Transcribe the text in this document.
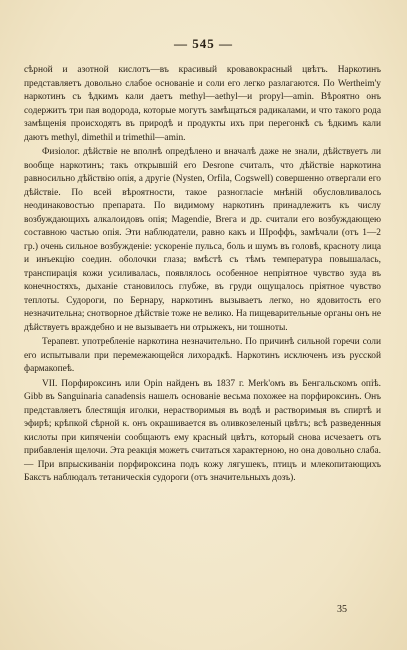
— 545 —

сѣрной и азотной кислотъ—въ красивый кровавокрасный цвѣтъ. Наркотинъ представляетъ довольно слабое основаніе и соли его легко разлагаются. По Wertheim'у наркотинъ съ ѣдкимъ кали даетъ methyl—aethyl—и propyl—amin. Вѣроятно онъ содержитъ три пая водорода, которые могутъ замѣщаться радикалами, и что такого рода замѣщенія происходятъ въ природѣ и продукты ихъ при перегонкѣ съ ѣдкимъ кали даютъ methyl, dimethil и trimethil—amin.

Физіолог. дѣйствіе не вполнѣ опредѣлено и вначалѣ даже не знали, дѣйствуетъ ли вообще наркотинъ; такъ открывшій его Desrone считалъ, что дѣйствіе наркотина равносильно дѣйствію опія, а другіе (Nysten, Orfila, Cogswell) совершенно отвергали его дѣйствіе. По всей вѣроятности, такое разногласіе мнѣній обусловливалось неодинаковостью препарата. По видимому наркотинъ принадлежитъ къ числу возбуждающихъ алкалоидовъ опія; Magendie, Breга и др. считали его возбуждающею составною частью опія. Эти наблюдатели, равно какъ и Шроффъ, замѣчали (отъ 1—2 гр.) очень сильное возбужденіе: ускореніе пульса, боль и шумъ въ головѣ, красноту лица и инъекцію соедин. оболочки глаза; вмѣстѣ съ тѣмъ температура повышалась, транспирація кожи усиливалась, появлялось особенное непріятное чувство зуда въ конечностяхъ, дыханіе становилось глубже, въ груди ощущалось пріятное чувство теплоты. Судороги, по Бернару, наркотинъ вызываетъ легко, но ядовитость его незначительна; снотворное дѣйствіе тоже не велико. На пищеварительные органы онъ не дѣйствуетъ враждебно и не вызываетъ ни отрыжекъ, ни тошноты.

Терапевт. употребленіе наркотина незначительно. По причинѣ сильной горечи соли его испытывали при перемежающейся лихорадкѣ. Наркотинъ исключенъ изъ русской фармакопеѣ.

VII. Порфироксинъ или Opin найденъ въ 1837 г. Merk'омъ въ Бенгальскомъ опіѣ. Gibb въ Sanguinaria canadensis нашелъ основаніе весьма похожее на порфироксинъ. Онъ представляетъ блестящія иголки, нерастворимыя въ водѣ и растворимыя въ спиртѣ и эфирѣ; крѣпкой сѣрной к. онъ окрашивается въ оливкозеленый цвѣтъ; всѣ разведенныя кислоты при кипяченіи сообщаютъ ему красный цвѣтъ, который снова исчезаетъ отъ прибавленія щелочи. Эта реакція можетъ считаться характерною, но она довольно слаба. — При впрыскиваніи порфироксина подъ кожу лягушекъ, птицъ и млекопитающихъ Бакстъ наблюдалъ тетаническія судороги (отъ значительныхъ дозъ).

35
